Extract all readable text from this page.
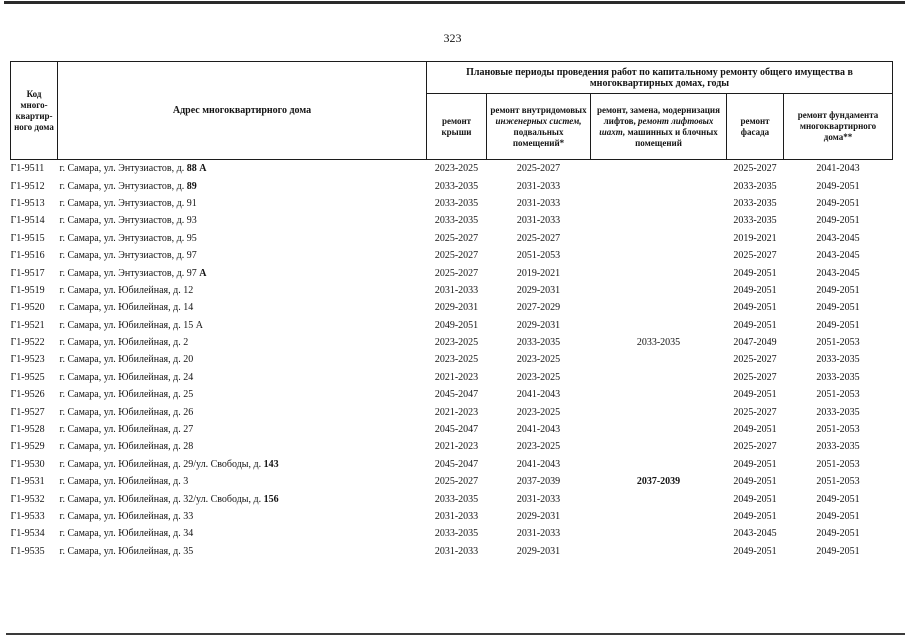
323
Код много-квартир-ного дома	Адрес многоквартирного дома	Плановые периоды проведения работ по капитальному ремонту общего имущества в многоквартирных домах, годы				
		ремонт крыши	ремонт внутридомовых инженерных систем, подвальных помещений*	ремонт, замена, модернизация лифтов, ремонт лифтовых шахт, машинных и блочных помещений	ремонт фасада	ремонт фундамента многоквартирного дома**
Г1-9511	г. Самара, ул. Энтузиастов, д. 88 А	2023-2025	2025-2027		2025-2027	2041-2043
Г1-9512	г. Самара, ул. Энтузиастов, д. 89	2033-2035	2031-2033		2033-2035	2049-2051
Г1-9513	г. Самара, ул. Энтузиастов, д. 91	2033-2035	2031-2033		2033-2035	2049-2051
Г1-9514	г. Самара, ул. Энтузиастов, д. 93	2033-2035	2031-2033		2033-2035	2049-2051
Г1-9515	г. Самара, ул. Энтузиастов, д. 95	2025-2027	2025-2027		2019-2021	2043-2045
Г1-9516	г. Самара, ул. Энтузиастов, д. 97	2025-2027	2051-2053		2025-2027	2043-2045
Г1-9517	г. Самара, ул. Энтузиастов, д. 97 А	2025-2027	2019-2021		2049-2051	2043-2045
Г1-9519	г. Самара, ул. Юбилейная, д. 12	2031-2033	2029-2031		2049-2051	2049-2051
Г1-9520	г. Самара, ул. Юбилейная, д. 14	2029-2031	2027-2029		2049-2051	2049-2051
Г1-9521	г. Самара, ул. Юбилейная, д. 15 А	2049-2051	2029-2031		2049-2051	2049-2051
Г1-9522	г. Самара, ул. Юбилейная, д. 2	2023-2025	2033-2035	2033-2035	2047-2049	2051-2053
Г1-9523	г. Самара, ул. Юбилейная, д. 20	2023-2025	2023-2025		2025-2027	2033-2035
Г1-9525	г. Самара, ул. Юбилейная, д. 24	2021-2023	2023-2025		2025-2027	2033-2035
Г1-9526	г. Самара, ул. Юбилейная, д. 25	2045-2047	2041-2043		2049-2051	2051-2053
Г1-9527	г. Самара, ул. Юбилейная, д. 26	2021-2023	2023-2025		2025-2027	2033-2035
Г1-9528	г. Самара, ул. Юбилейная, д. 27	2045-2047	2041-2043		2049-2051	2051-2053
Г1-9529	г. Самара, ул. Юбилейная, д. 28	2021-2023	2023-2025		2025-2027	2033-2035
Г1-9530	г. Самара, ул. Юбилейная, д. 29/ул. Свободы, д. 143	2045-2047	2041-2043		2049-2051	2051-2053
Г1-9531	г. Самара, ул. Юбилейная, д. 3	2025-2027	2037-2039	2037-2039	2049-2051	2051-2053
Г1-9532	г. Самара, ул. Юбилейная, д. 32/ул. Свободы, д. 156	2033-2035	2031-2033		2049-2051	2049-2051
Г1-9533	г. Самара, ул. Юбилейная, д. 33	2031-2033	2029-2031		2049-2051	2049-2051
Г1-9534	г. Самара, ул. Юбилейная, д. 34	2033-2035	2031-2033		2043-2045	2049-2051
Г1-9535	г. Самара, ул. Юбилейная, д. 35	2031-2033	2029-2031		2049-2051	2049-2051
